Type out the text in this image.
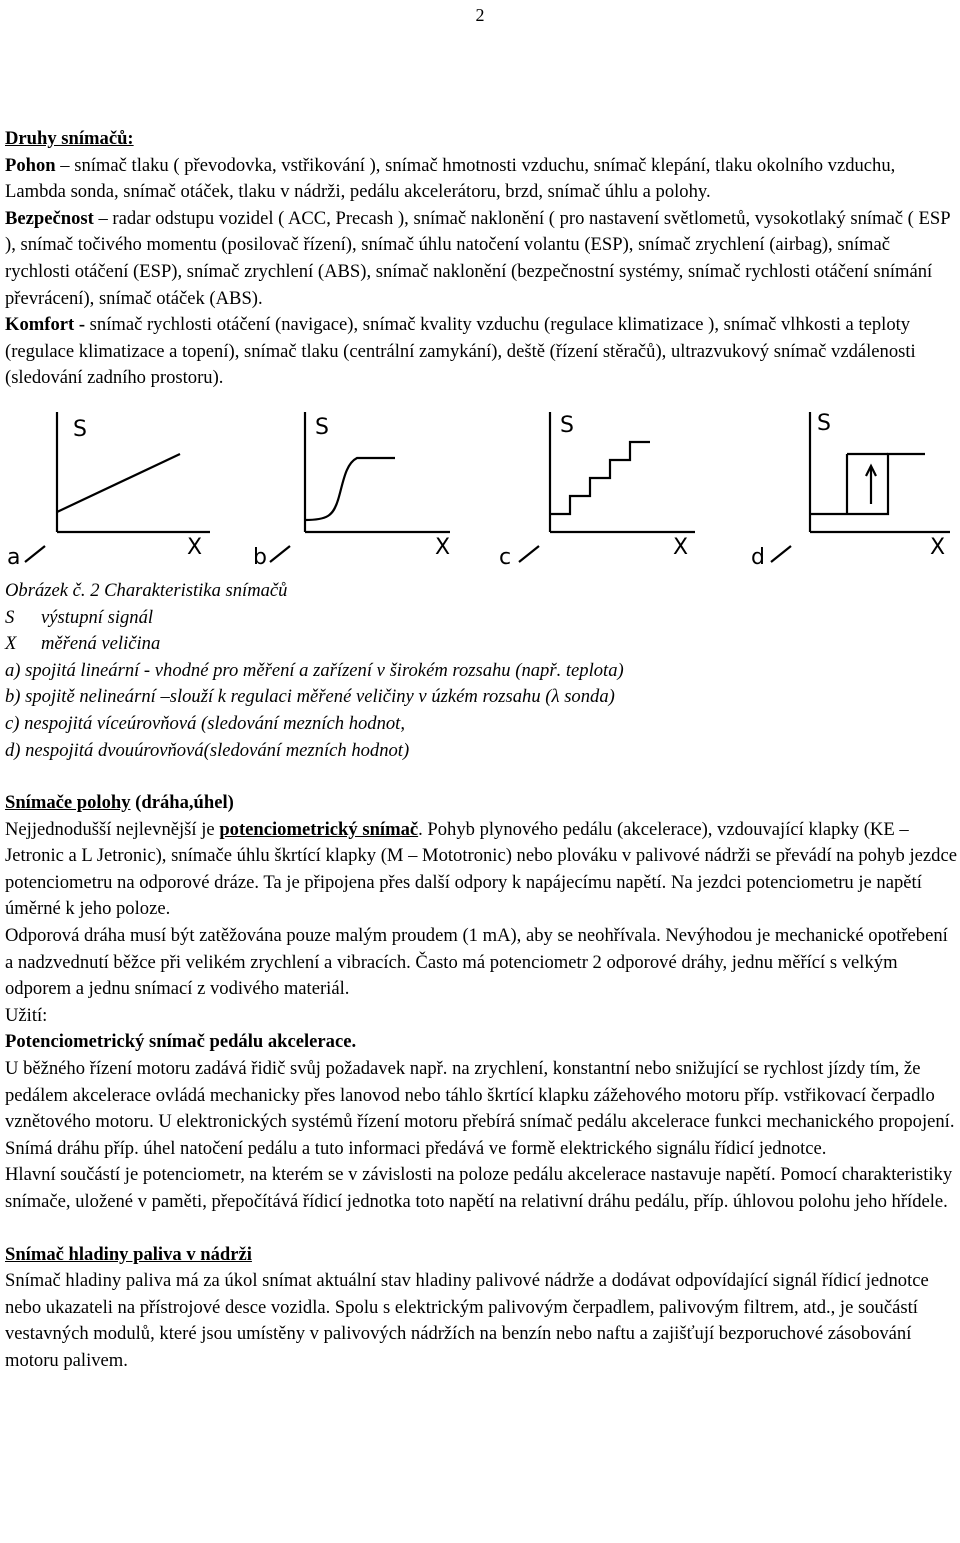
2

Druhy snímačů:

Pohon – snímač tlaku ( převodovka, vstřikování ), snímač hmotnosti vzduchu, snímač klepání, tlaku okolního vzduchu, Lambda sonda, snímač otáček, tlaku v nádrži, pedálu akcelerátoru, brzd, snímač úhlu a polohy.

Bezpečnost – radar odstupu vozidel ( ACC, Precash ), snímač naklonění ( pro nastavení světlometů, vysokotlaký snímač ( ESP ), snímač točivého momentu (posilovač řízení), snímač úhlu natočení volantu (ESP), snímač zrychlení (airbag), snímač rychlosti otáčení (ESP), snímač zrychlení (ABS), snímač naklonění (bezpečnostní systémy, snímač rychlosti otáčení snímání převrácení), snímač otáček (ABS).

Komfort - snímač rychlosti otáčení (navigace), snímač kvality vzduchu (regulace klimatizace ), snímač vlhkosti a teploty (regulace klimatizace a topení), snímač tlaku (centrální zamykání), deště (řízení stěračů), ultrazvukový snímač vzdálenosti (sledování zadního prostoru).

S
X
S
X
S
X
S
X
a	b	c	d

Obrázek č. 2 Charakteristika snímačů

S	výstupní signál
X	měřená veličina

a) spojitá lineární - vhodné pro měření a zařízení v širokém rozsahu (např. teplota)

b) spojitě nelineární –slouží k regulaci měřené veličiny v úzkém rozsahu (λ sonda)

c) nespojitá víceúrovňová (sledování mezních hodnot,

d) nespojitá dvouúrovňová(sledování mezních hodnot)

Snímače polohy (dráha,úhel)

Nejjednodušší nejlevnější je potenciometrický snímač. Pohyb plynového pedálu (akcelerace), vzdouvající klapky (KE – Jetronic a L Jetronic), snímače úhlu škrtící klapky (M – Mototronic) nebo plováku v palivové nádrži se převádí na pohyb jezdce potenciometru na odporové dráze. Ta je připojena přes další odpory k napájecímu napětí. Na jezdci potenciometru je napětí úměrné k jeho poloze.

Odporová dráha musí být zatěžována pouze malým proudem (1 mA), aby se neohřívala. Nevýhodou je mechanické opotřebení a nadzvednutí běžce při velikém zrychlení a vibracích. Často má potenciometr 2 odporové dráhy, jednu měřící s velkým odporem a jednu snímací z vodivého materiál.

Užití:

Potenciometrický snímač pedálu akcelerace.

U běžného řízení motoru zadává řidič svůj požadavek např. na zrychlení, konstantní nebo snižující se rychlost jízdy tím, že pedálem akcelerace ovládá mechanicky přes lanovod nebo táhlo škrtící klapku zážehového motoru příp. vstřikovací čerpadlo vznětového motoru. U elektronických systémů řízení motoru přebírá snímač pedálu akcelerace funkci mechanického propojení. Snímá dráhu příp. úhel natočení pedálu a tuto informaci předává ve formě elektrického signálu řídicí jednotce.

Hlavní součástí je potenciometr, na kterém se v závislosti na poloze pedálu akcelerace nastavuje napětí. Pomocí charakteristiky snímače, uložené v paměti, přepočítává řídicí jednotka toto napětí na relativní dráhu pedálu, příp. úhlovou polohu jeho hřídele.

Snímač hladiny paliva v nádrži

Snímač hladiny paliva má za úkol snímat aktuální stav hladiny palivové nádrže a dodávat odpovídající signál řídicí jednotce nebo ukazateli na přístrojové desce vozidla. Spolu s elektrickým palivovým čerpadlem, palivovým filtrem, atd., je součástí vestavných modulů, které jsou umístěny v palivových nádržích na benzín nebo naftu a zajišťují bezporuchové zásobování motoru palivem.
